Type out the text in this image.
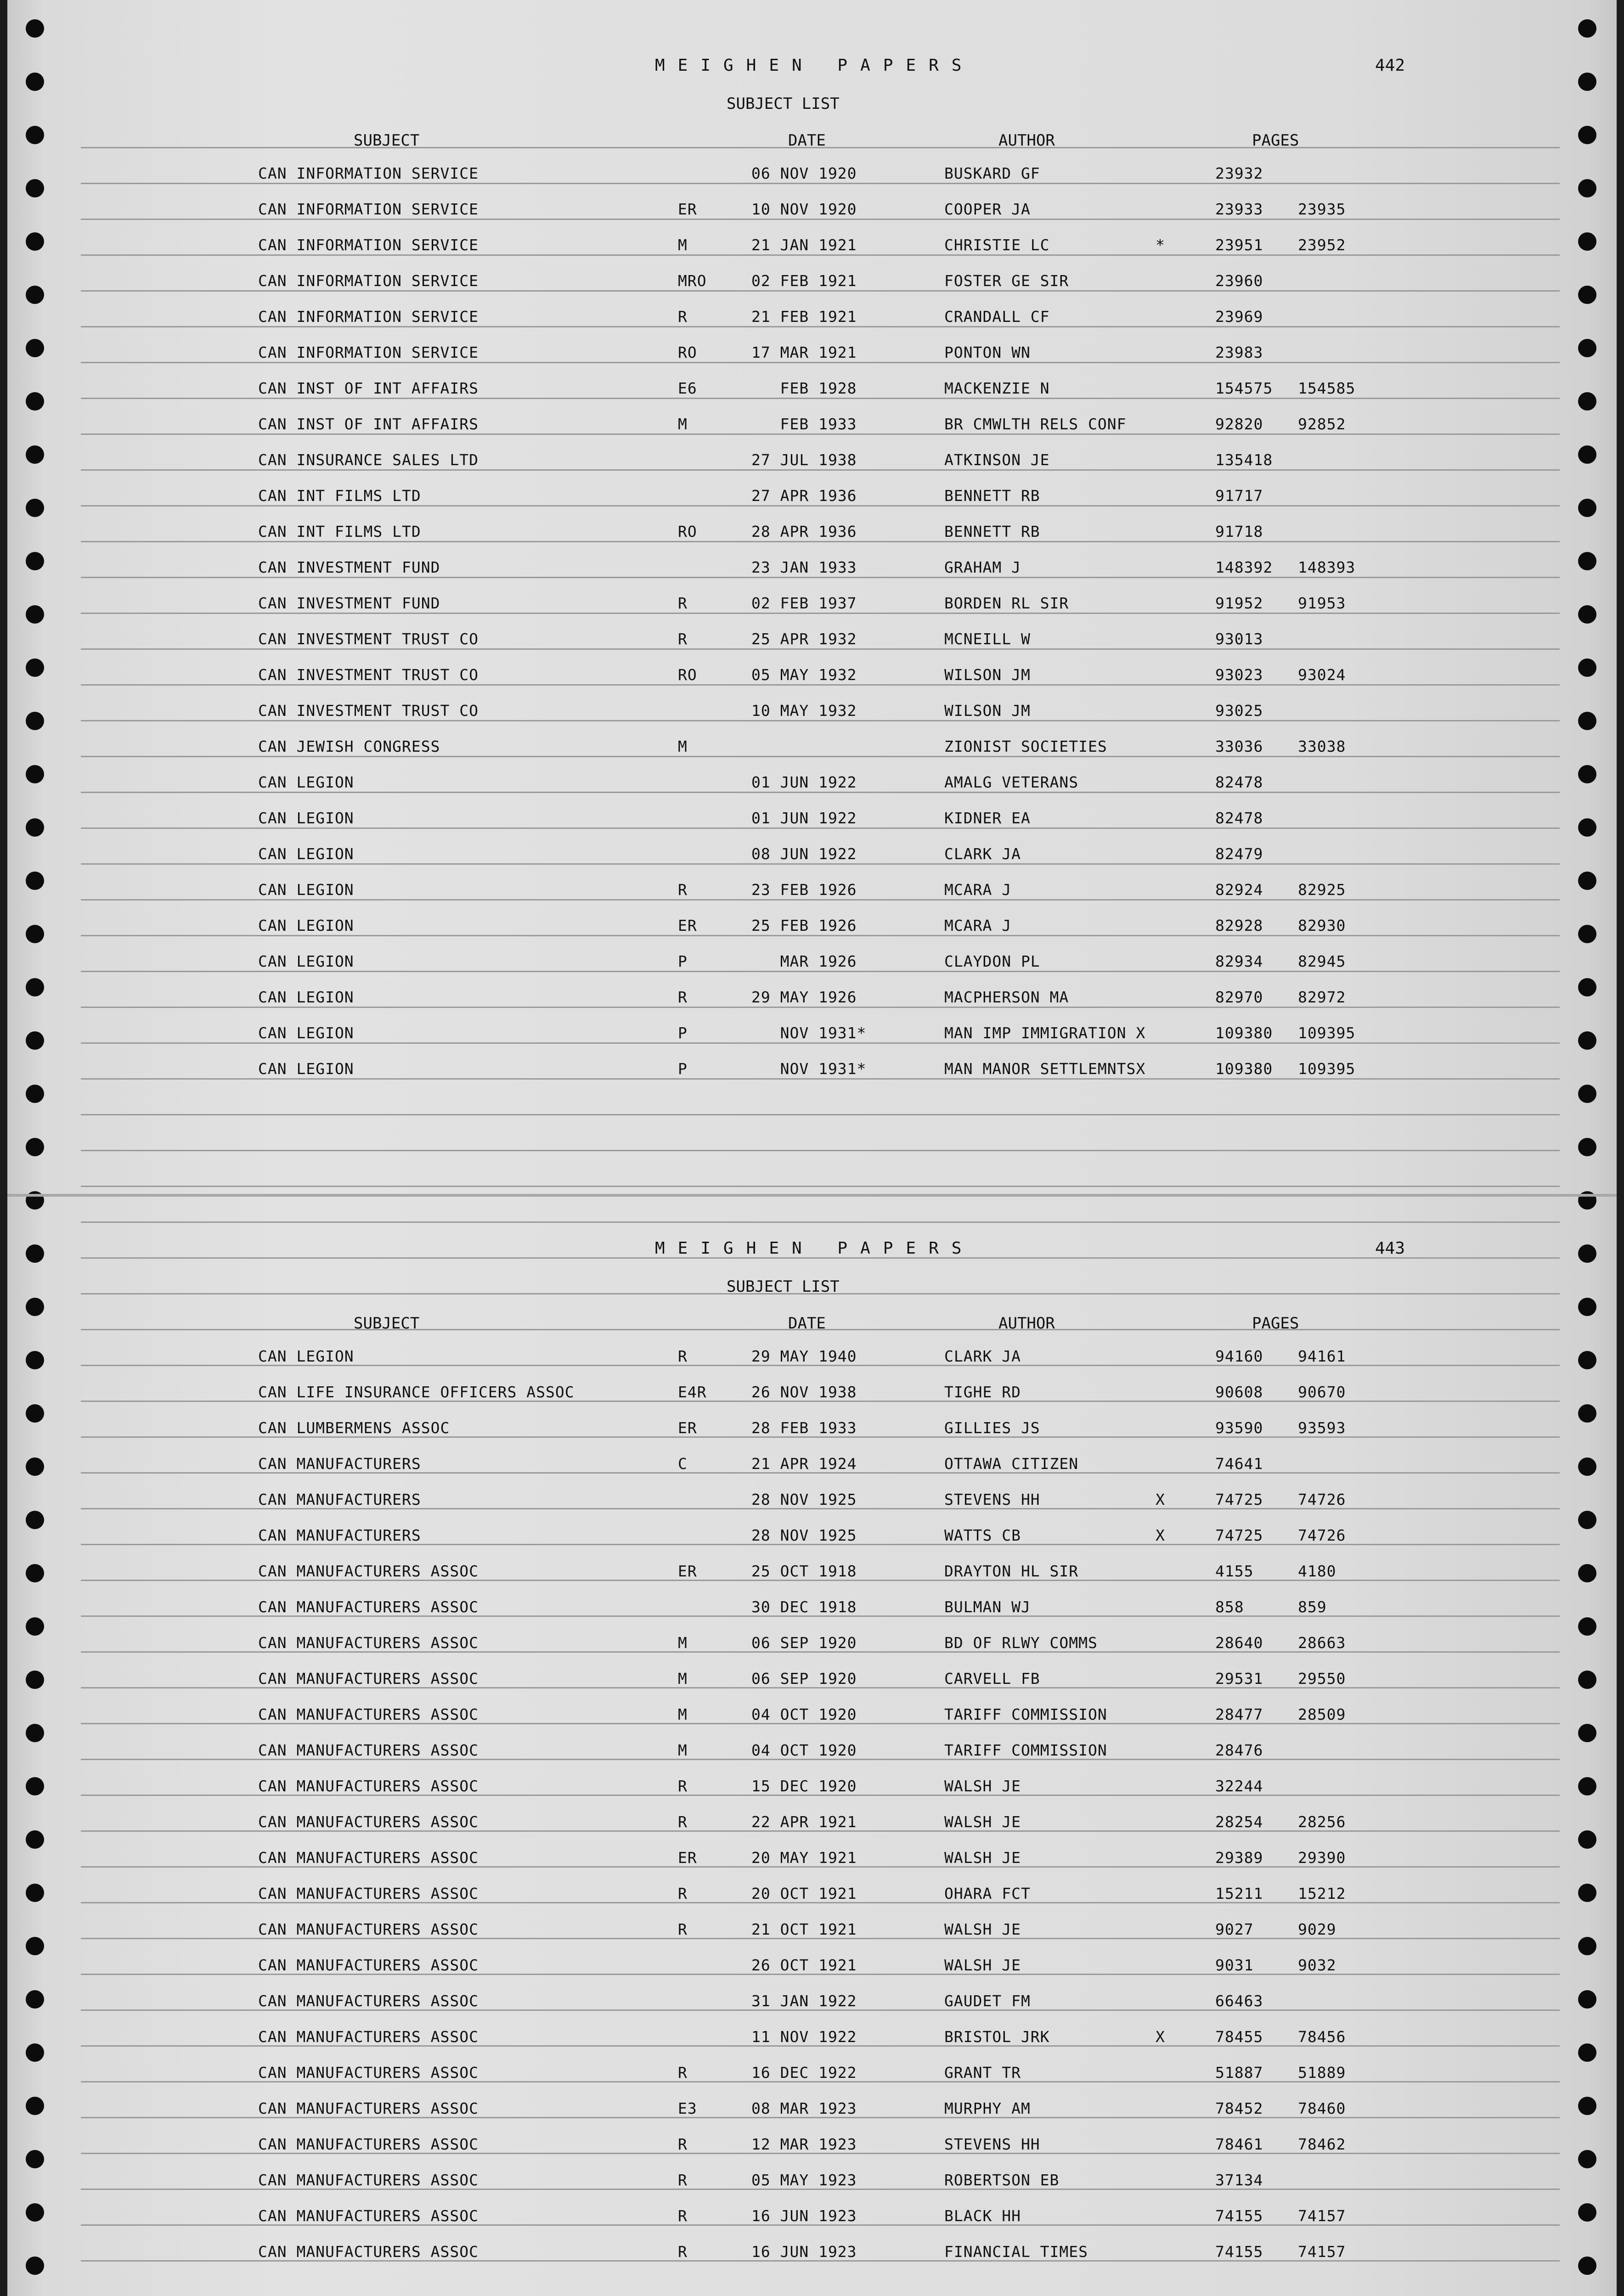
MEIGHEN PAPERS	442
SUBJECT LIST
SUBJECT	DATE	AUTHOR	PAGES
CAN INFORMATION SERVICE	06 NOV 1920	BUSKARD GF	23932
CAN INFORMATION SERVICE	ER	10 NOV 1920	COOPER JA	23933 23935
CAN INFORMATION SERVICE	M	21 JAN 1921	CHRISTIE LC	*	23951 23952
CAN INFORMATION SERVICE	MRO	02 FEB 1921	FOSTER GE SIR	23960
CAN INFORMATION SERVICE	R	21 FEB 1921	CRANDALL CF	23969
CAN INFORMATION SERVICE	RO	17 MAR 1921	PONTON WN	23983
CAN INST OF INT AFFAIRS	E6	FEB 1928	MACKENZIE N	154575 154585
CAN INST OF INT AFFAIRS	M	FEB 1933	BR CMWLTH RELS CONF	92820 92852
CAN INSURANCE SALES LTD	27 JUL 1938	ATKINSON JE	135418
CAN INT FILMS LTD	27 APR 1936	BENNETT RB	91717
CAN INT FILMS LTD	RO	28 APR 1936	BENNETT RB	91718
CAN INVESTMENT FUND	23 JAN 1933	GRAHAM J	148392 148393
CAN INVESTMENT FUND	R	02 FEB 1937	BORDEN RL SIR	91952 91953
CAN INVESTMENT TRUST CO	R	25 APR 1932	MCNEILL W	93013
CAN INVESTMENT TRUST CO	RO	05 MAY 1932	WILSON JM	93023 93024
CAN INVESTMENT TRUST CO	10 MAY 1932	WILSON JM	93025
CAN JEWISH CONGRESS	M	ZIONIST SOCIETIES	33036 33038
CAN LEGION	01 JUN 1922	AMALG VETERANS	82478
CAN LEGION	01 JUN 1922	KIDNER EA	82478
CAN LEGION	08 JUN 1922	CLARK JA	82479
CAN LEGION	R	23 FEB 1926	MCARA J	82924 82925
CAN LEGION	ER	25 FEB 1926	MCARA J	82928 82930
CAN LEGION	P	MAR 1926	CLAYDON PL	82934 82945
CAN LEGION	R	29 MAY 1926	MACPHERSON MA	82970 82972
CAN LEGION	P	NOV 1931*	MAN IMP IMMIGRATION X	109380 109395
CAN LEGION	P	NOV 1931*	MAN MANOR SETTLEMNTSX	109380 109395
MEIGHEN PAPERS	443
SUBJECT LIST
SUBJECT	DATE	AUTHOR	PAGES
CAN LEGION	R	29 MAY 1940	CLARK JA	94160 94161
CAN LIFE INSURANCE OFFICERS ASSOC	E4R	26 NOV 1938	TIGHE RD	90608 90670
CAN LUMBERMENS ASSOC	ER	28 FEB 1933	GILLIES JS	93590 93593
CAN MANUFACTURERS	C	21 APR 1924	OTTAWA CITIZEN	74641
CAN MANUFACTURERS	28 NOV 1925	STEVENS HH	X	74725 74726
CAN MANUFACTURERS	28 NOV 1925	WATTS CB	X	74725 74726
CAN MANUFACTURERS ASSOC	ER	25 OCT 1918	DRAYTON HL SIR	4155	4180
CAN MANUFACTURERS ASSOC	30 DEC 1918	BULMAN WJ	858	859
CAN MANUFACTURERS ASSOC	M	06 SEP 1920	BD OF RLWY COMMS	28640 28663
CAN MANUFACTURERS ASSOC	M	06 SEP 1920	CARVELL FB	29531 29550
CAN MANUFACTURERS ASSOC	M	04 OCT 1920	TARIFF COMMISSION	28477 28509
CAN MANUFACTURERS ASSOC	M	04 OCT 1920	TARIFF COMMISSION	28476
CAN MANUFACTURERS ASSOC	R	15 DEC 1920	WALSH JE	32244
CAN MANUFACTURERS ASSOC	R	22 APR 1921	WALSH JE	28254 28256
CAN MANUFACTURERS ASSOC	ER	20 MAY 1921	WALSH JE	29389 29390
CAN MANUFACTURERS ASSOC	R	20 OCT 1921	OHARA FCT	15211 15212
CAN MANUFACTURERS ASSOC	R	21 OCT 1921	WALSH JE	9027	9029
CAN MANUFACTURERS ASSOC	26 OCT 1921	WALSH JE	9031	9032
CAN MANUFACTURERS ASSOC	31 JAN 1922	GAUDET FM	66463
CAN MANUFACTURERS ASSOC	11 NOV 1922	BRISTOL JRK	X	78455 78456
CAN MANUFACTURERS ASSOC	R	16 DEC 1922	GRANT TR	51887 51889
CAN MANUFACTURERS ASSOC	E3	08 MAR 1923	MURPHY AM	78452 78460
CAN MANUFACTURERS ASSOC	R	12 MAR 1923	STEVENS HH	78461 78462
CAN MANUFACTURERS ASSOC	R	05 MAY 1923	ROBERTSON EB	37134
CAN MANUFACTURERS ASSOC	R	16 JUN 1923	BLACK HH	74155 74157
CAN MANUFACTURERS ASSOC	R	16 JUN 1923	FINANCIAL TIMES	74155 74157
